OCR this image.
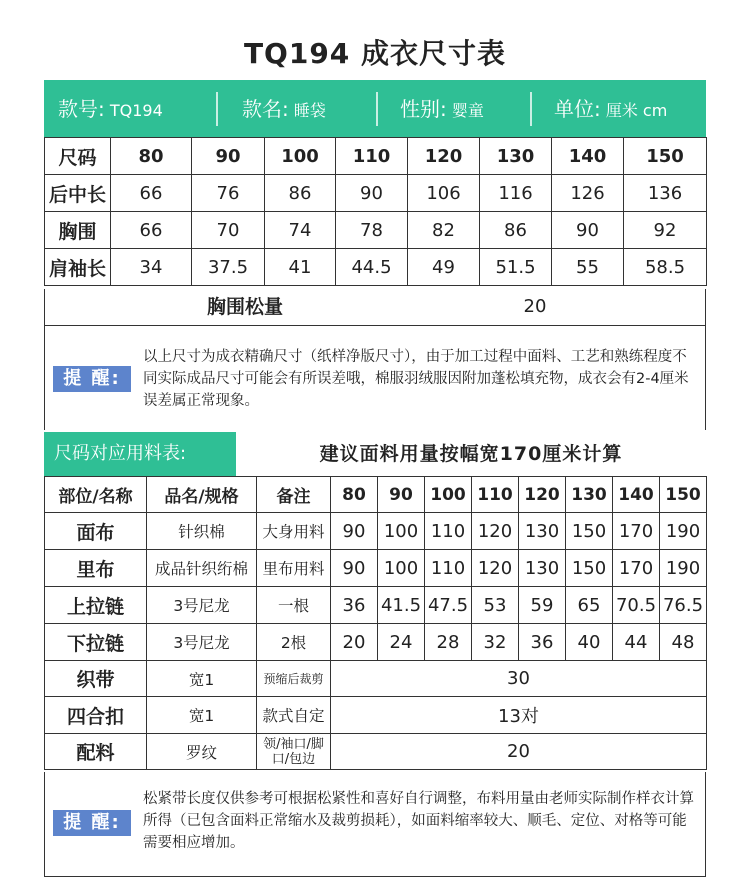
TQ194 成衣尺寸表
款号: TQ194	款名: 睡袋	性别: 婴童	单位: 厘米 cm
尺码	80	90	100	110	120	130	140	150
后中长	66	76	86	90	106	116	126	136
胸围	66	70	74	78	82	86	90	92
肩袖长	34	37.5	41	44.5	49	51.5	55	58.5
胸围松量	20
提 醒:
以上尺寸为成衣精确尺寸（纸样净版尺寸），由于加工过程中面料、工艺和熟练程度不同实际成品尺寸可能会有所误差哦，棉服羽绒服因附加蓬松填充物，成衣会有2-4厘米误差属正常现象。
尺码对应用料表:	建议面料用量按幅宽170厘米计算
部位/名称	品名/规格	备注	80	90	100	110	120	130	140	150
面布	针织棉	大身用料	90	100	110	120	130	150	170	190
里布	成品针织绗棉	里布用料	90	100	110	120	130	150	170	190
上拉链	3号尼龙	一根	36	41.5	47.5	53	59	65	70.5	76.5
下拉链	3号尼龙	2根	20	24	28	32	36	40	44	48
织带	宽1	预缩后裁剪	30							
四合扣	宽1	款式自定	13对							
配料	罗纹	领/袖口/脚口/包边	20							
提 醒:
松紧带长度仅供参考可根据松紧性和喜好自行调整，布料用量由老师实际制作样衣计算所得（已包含面料正常缩水及裁剪损耗），如面料缩率较大、顺毛、定位、对格等可能需要相应增加。
